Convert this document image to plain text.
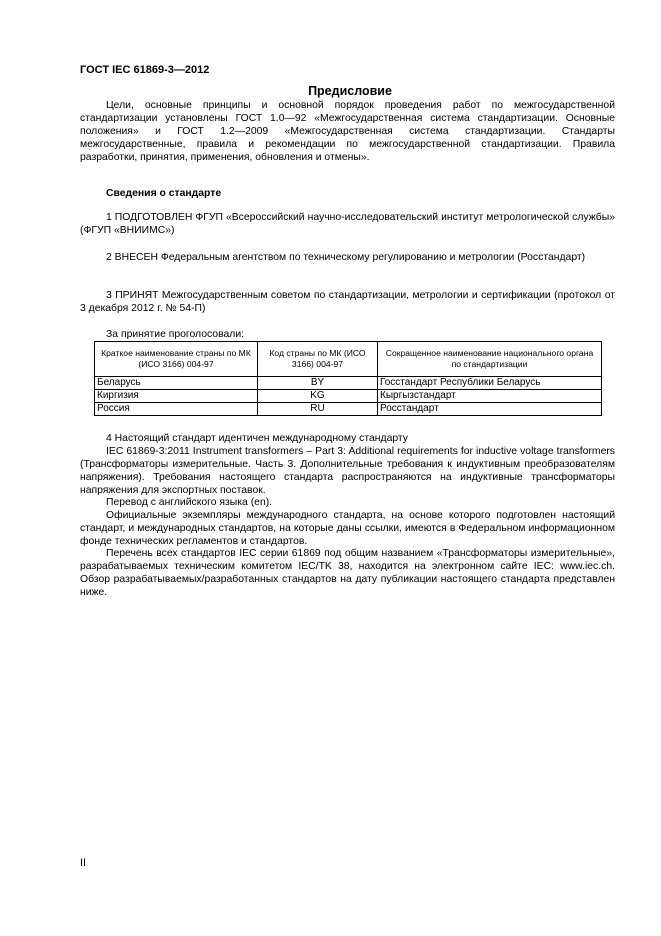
ГОСТ IEC 61869-3—2012
Предисловие
Цели, основные принципы и основной порядок проведения работ по межгосударственной стандартизации установлены ГОСТ 1.0—92 «Межгосударственная система стандартизации. Основные положения» и ГОСТ 1.2—2009 «Межгосударственная система стандартизации. Стандарты межгосударственные, правила и рекомендации по межгосударственной стандартизации. Правила разработки, принятия, применения, обновления и отмены».
Сведения о стандарте
1 ПОДГОТОВЛЕН ФГУП «Всероссийский научно-исследовательский институт метрологической службы» (ФГУП «ВНИИМС»)
2 ВНЕСЕН Федеральным агентством по техническому регулированию и метрологии (Росстандарт)
3 ПРИНЯТ Межгосударственным советом по стандартизации, метрологии и сертификации (протокол от 3 декабря 2012 г. № 54-П)
За принятие проголосовали:
Краткое наименование страны по МК (ИСО 3166) 004-97	Код страны по МК (ИСО 3166) 004-97	Сокращенное наименование национального органа по стандартизации
Беларусь	BY	Госстандарт Республики Беларусь
Киргизия	KG	Кыргызстандарт
Россия	RU	Росстандарт
4 Настоящий стандарт идентичен международному стандарту
IEC 61869-3:2011 Instrument transformers – Part 3: Additional requirements for inductive voltage transformers (Трансформаторы измерительные. Часть 3. Дополнительные требования к индуктивным преобразователям напряжения). Требования настоящего стандарта распространяются на индуктивные трансформаторы напряжения для экспортных поставок.
Перевод с английского языка (en).
Официальные экземпляры международного стандарта, на основе которого подготовлен настоящий стандарт, и международных стандартов, на которые даны ссылки, имеются в Федеральном информационном фонде технических регламентов и стандартов.
Перечень всех стандартов IEC серии 61869 под общим названием «Трансформаторы измерительные», разрабатываемых техническим комитетом IEC/TK 38, находится на электронном сайте IEC: www.iec.ch. Обзор разрабатываемых/разработанных стандартов на дату публикации настоящего стандарта представлен ниже.
II
